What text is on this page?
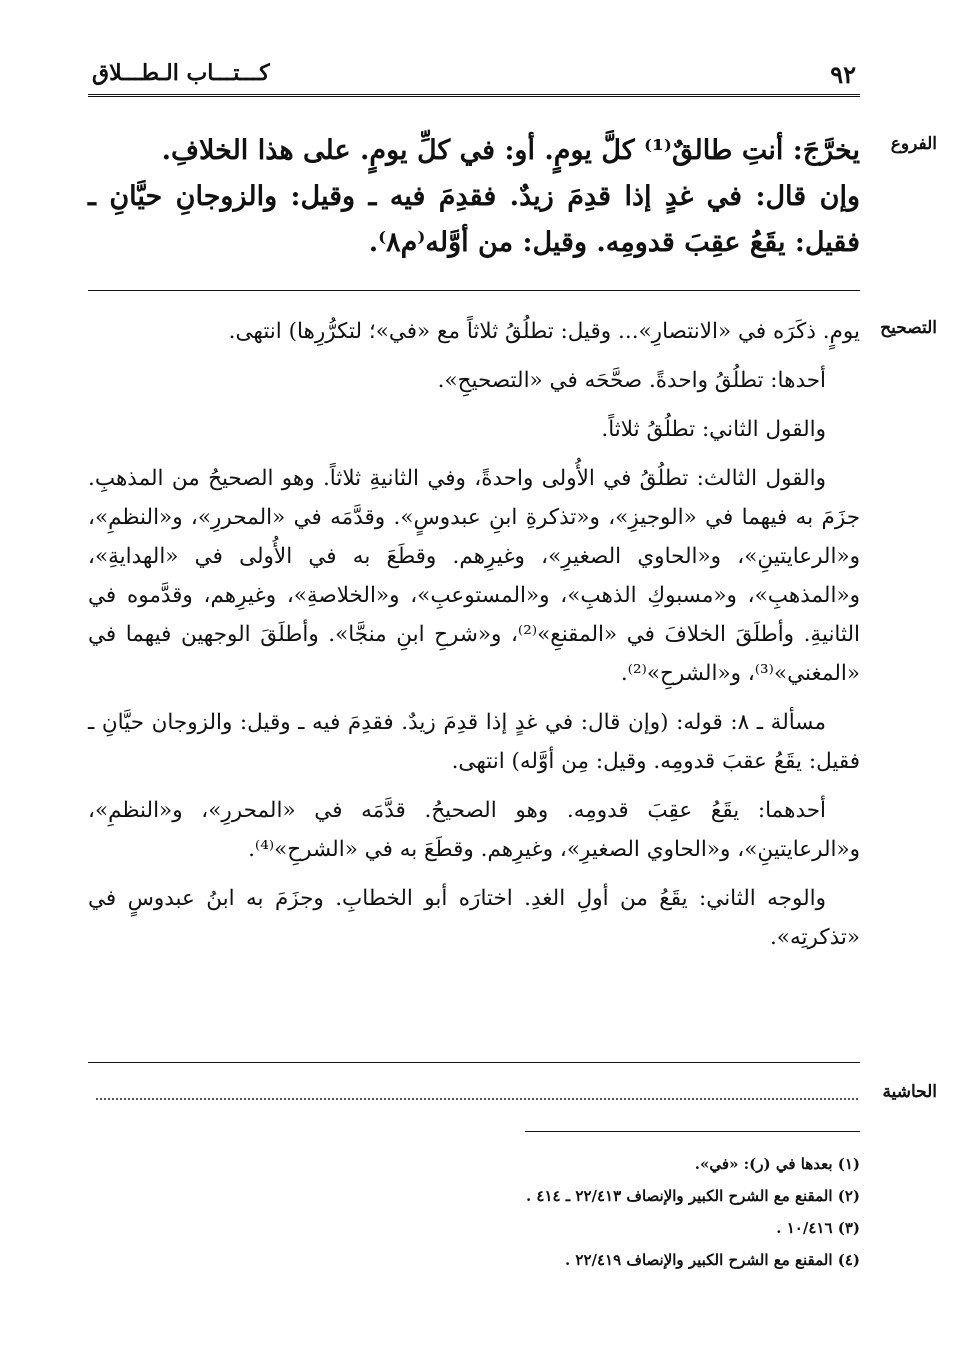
٩٢
كـــتـــاب الـطـــلاق
الفروع

يخرَّجَ: أنتِ طالقٌ⁽¹⁾ كلَّ يومٍ. أو: في كلِّ يومٍ. على هذا الخلافِ.

وإن قال: في غدٍ إذا قدِمَ زيدٌ. فقدِمَ فيه ـ وقيل: والزوجانِ حيَّانِ ـ فقيل: يقَعُ عقِبَ قدومِه. وقيل: من أوَّله⁽م٨⁾.

التصحيح

يومٍ. ذكَرَه في «الانتصارِ»... وقيل: تطلُقُ ثلاثاً مع «في»؛ لتكرُّرِها) انتهى.

أحدها: تطلُقُ واحدةً. صحَّحَه في «التصحيحِ».

والقول الثاني: تطلُقُ ثلاثاً.

والقول الثالث: تطلُقُ في الأُولى واحدةً، وفي الثانيةِ ثلاثاً. وهو الصحيحُ من المذهبِ. جزَمَ به فيهما في «الوجيزِ»، و«تذكرةِ ابنِ عبدوسٍ». وقدَّمَه في «المحررِ»، و«النظمِ»، و«الرعايتينِ»، و«الحاوي الصغيرِ»، وغيرِهم. وقطَعَ به في الأُولى في «الهدايةِ»، و«المذهبِ»، و«مسبوكِ الذهبِ»، و«المستوعبِ»، و«الخلاصةِ»، وغيرِهم، وقدَّموه في الثانيةِ. وأطلَقَ الخلافَ في «المقنعِ»⁽²⁾، و«شرحِ ابنِ منجَّا». وأطلَقَ الوجهين فيهما في «المغني»⁽³⁾، و«الشرحِ»⁽²⁾.

مسألة ـ ٨: قوله: (وإن قال: في غدٍ إذا قدِمَ زيدٌ. فقدِمَ فيه ـ وقيل: والزوجان حيَّانِ ـ فقيل: يقَعُ عقبَ قدومِه. وقيل: مِن أوَّله) انتهى.

أحدهما: يقَعُ عقِبَ قدومِه. وهو الصحيحُ. قدَّمَه في «المحررِ»، و«النظمِ»، و«الرعايتينِ»، و«الحاوي الصغيرِ»، وغيرِهم. وقطَعَ به في «الشرحِ»⁽⁴⁾.

والوجه الثاني: يقَعُ من أولِ الغدِ. اختارَه أبو الخطابِ. وجزَمَ به ابنُ عبدوسٍ في «تذكرتِه».

الحاشية
(١) بعدها في (ر): «في».
(٢) المقنع مع الشرح الكبير والإنصاف ٢٢/٤١٣ ـ ٤١٤ .
(٣) ١٠/٤١٦ .
(٤) المقنع مع الشرح الكبير والإنصاف ٢٢/٤١٩ .
